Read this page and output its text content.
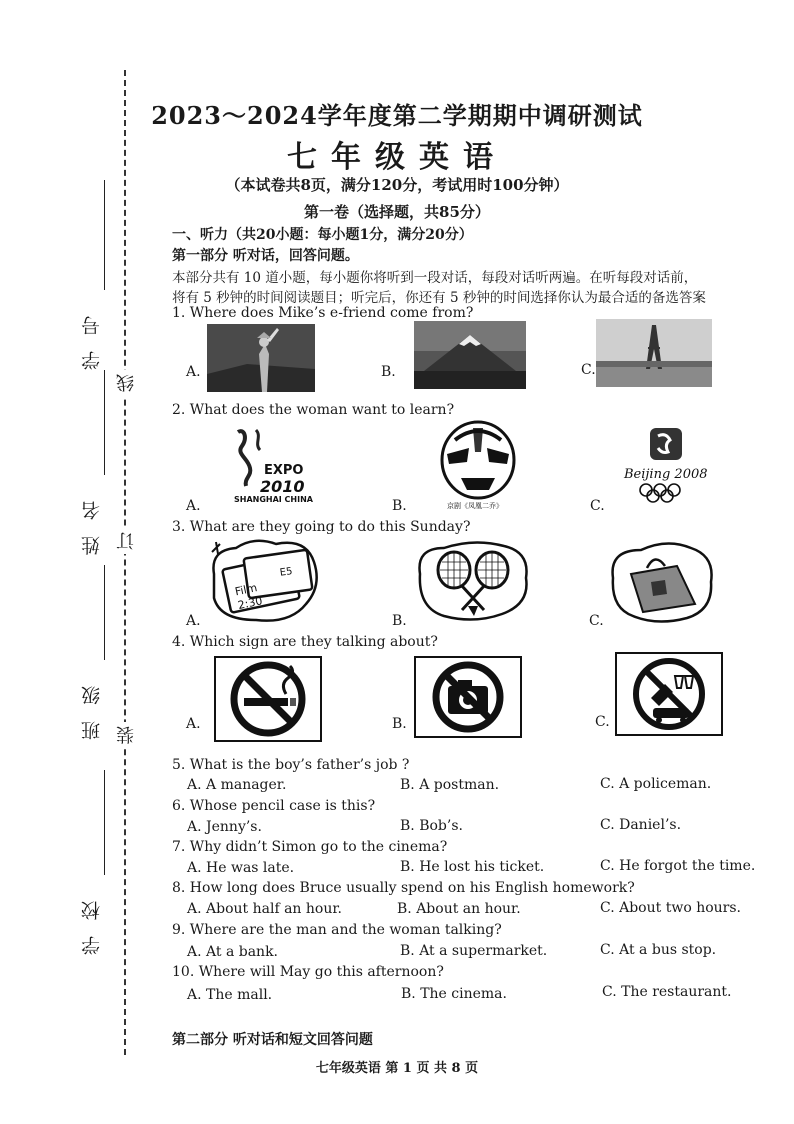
线
订
装
学号
姓名
班级
学校
2023～2024学年度第二学期期中调研测试
七年级英语
（本试卷共8页，满分120分，考试用时100分钟）
第一卷（选择题，共85分）
一、听力（共20小题：每小题1分，满分20分）
第一部分 听对话，回答问题。
本部分共有 10 道小题，每小题你将听到一段对话，每段对话听两遍。在听每段对话前，
将有 5 秒钟的时间阅读题目；听完后，你还有 5 秒钟的时间选择你认为最合适的备选答案
1. Where does Mike’s e-friend come from?
A.	B.	C.
2. What does the woman want to learn?
A.
EXPO
2010
SHANGHAI CHINA	B.	京剧《凤凰二乔》	C.
Beijing 2008
3. What are they going to do this Sunday?
A.
Film
2:30
E5
B.	C.
4. Which sign are they talking about?
A.	B.	C.
5. What is the boy’s father’s job ?
A. A manager.	B. A postman.	C. A policeman.
6. Whose pencil case is this?
A. Jenny’s.	B. Bob’s.	C. Daniel’s.
7. Why didn’t Simon go to the cinema?
A. He was late.	B. He lost his ticket.	C. He forgot the time.
8. How long does Bruce usually spend on his English homework?
A. About half an hour.	B. About an hour.	C. About two hours.
9. Where are the man and the woman talking?
A. At a bank.	B. At a supermarket.	C. At a bus stop.
10. Where will May go this afternoon?
A. The mall.	B. The cinema.	C. The restaurant.
第二部分 听对话和短文回答问题
七年级英语 第 1 页 共 8 页
